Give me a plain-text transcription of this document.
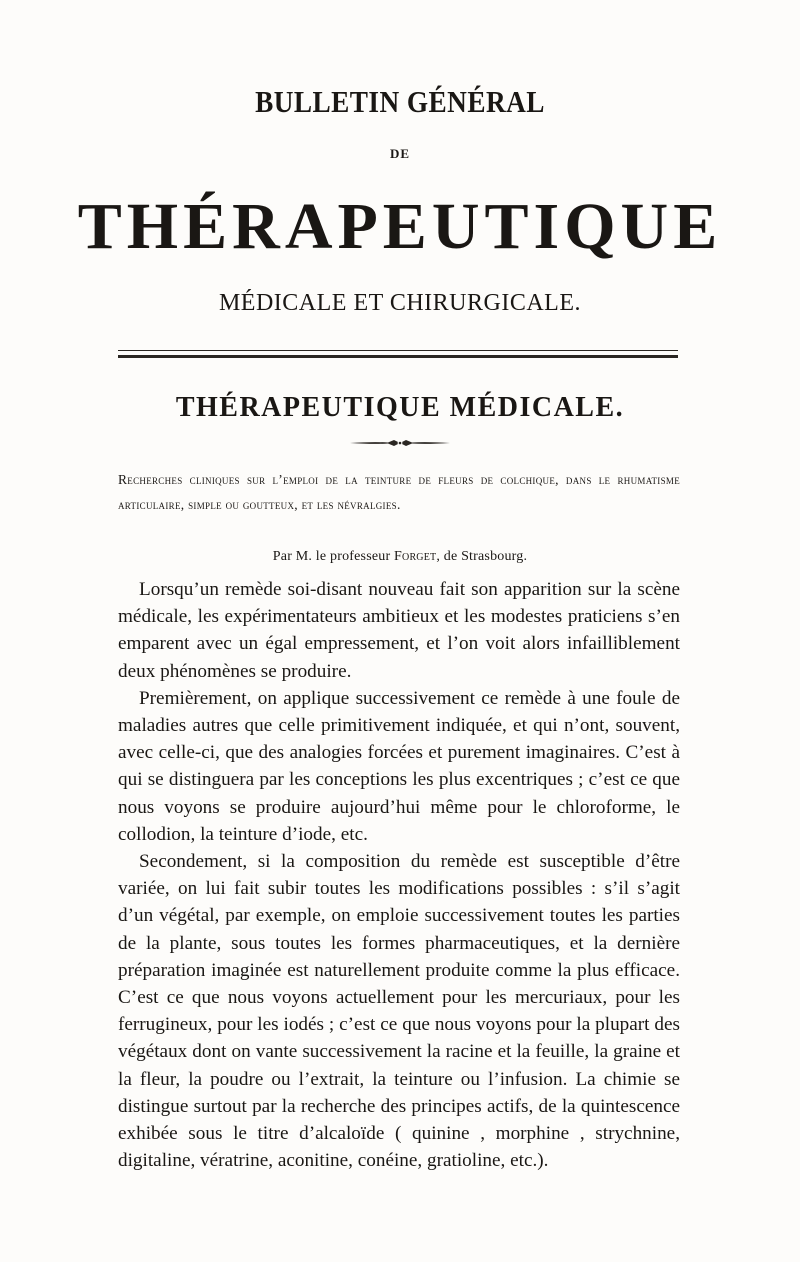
BULLETIN GÉNÉRAL
DE
THÉRAPEUTIQUE
MÉDICALE ET CHIRURGICALE.
THÉRAPEUTIQUE MÉDICALE.
Recherches cliniques sur l’emploi de la teinture de fleurs de colchique, dans le rhumatisme articulaire, simple ou goutteux, et les névralgies.
Par M. le professeur Forget, de Strasbourg.

Lorsqu’un remède soi-disant nouveau fait son apparition sur la scène médicale, les expérimentateurs ambitieux et les modestes praticiens s’en emparent avec un égal empressement, et l’on voit alors infailliblement deux phénomènes se produire.

Premièrement, on applique successivement ce remède à une foule de maladies autres que celle primitivement indiquée, et qui n’ont, souvent, avec celle-ci, que des analogies forcées et purement imaginaires. C’est à qui se distinguera par les conceptions les plus excentriques ; c’est ce que nous voyons se produire aujourd’hui même pour le chloroforme, le collodion, la teinture d’iode, etc.

Secondement, si la composition du remède est susceptible d’être variée, on lui fait subir toutes les modifications possibles : s’il s’agit d’un végétal, par exemple, on emploie successivement toutes les parties de la plante, sous toutes les formes pharmaceutiques, et la dernière préparation imaginée est naturellement produite comme la plus efficace. C’est ce que nous voyons actuellement pour les mercuriaux, pour les ferrugineux, pour les iodés ; c’est ce que nous voyons pour la plupart des végétaux dont on vante successivement la racine et la feuille, la graine et la fleur, la poudre ou l’extrait, la teinture ou l’infusion. La chimie se distingue surtout par la recherche des principes actifs, de la quintescence exhibée sous le titre d’alcaloïde ( quinine , morphine , strychnine, digitaline, vératrine, aconitine, conéine, gratioline, etc.).
